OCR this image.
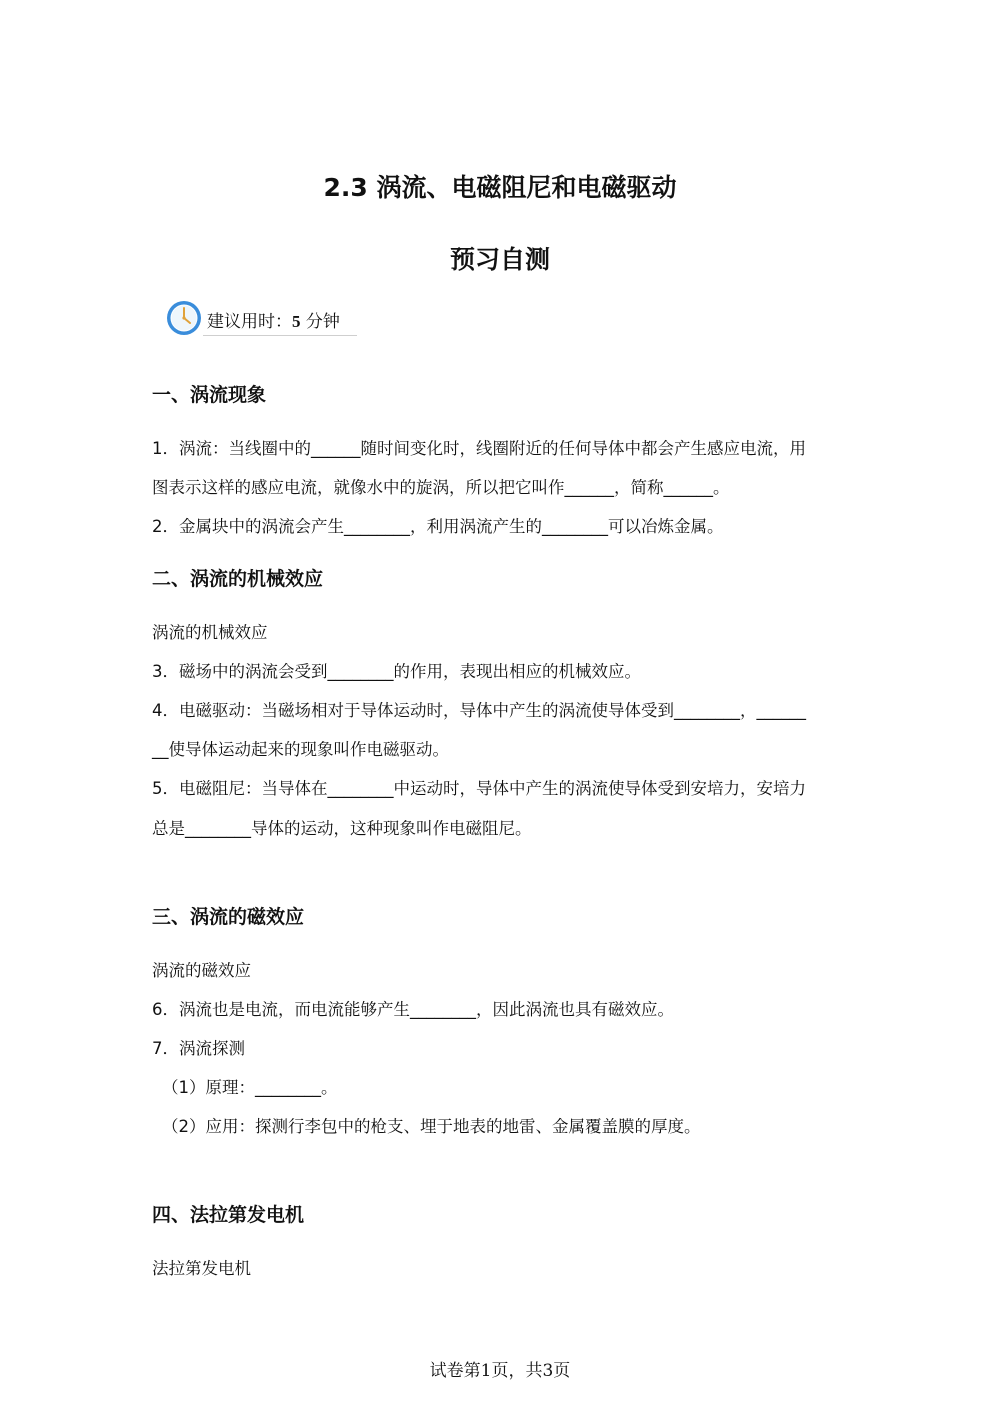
2.3 涡流、电磁阻尼和电磁驱动
预习自测
建议用时：5 分钟
一、涡流现象
1．涡流：当线圈中的______随时间变化时，线圈附近的任何导体中都会产生感应电流，用
图表示这样的感应电流，就像水中的旋涡，所以把它叫作______，简称______。
2．金属块中的涡流会产生________，利用涡流产生的________可以冶炼金属。
二、涡流的机械效应
涡流的机械效应
3．磁场中的涡流会受到________的作用，表现出相应的机械效应。
4．电磁驱动：当磁场相对于导体运动时，导体中产生的涡流使导体受到________，______
__使导体运动起来的现象叫作电磁驱动。
5．电磁阻尼：当导体在________中运动时，导体中产生的涡流使导体受到安培力，安培力
总是________导体的运动，这种现象叫作电磁阻尼。
三、涡流的磁效应
涡流的磁效应
6．涡流也是电流，而电流能够产生________，因此涡流也具有磁效应。
7．涡流探测
（1）原理：________。
（2）应用：探测行李包中的枪支、埋于地表的地雷、金属覆盖膜的厚度。
四、法拉第发电机
法拉第发电机
试卷第1页，共3页
